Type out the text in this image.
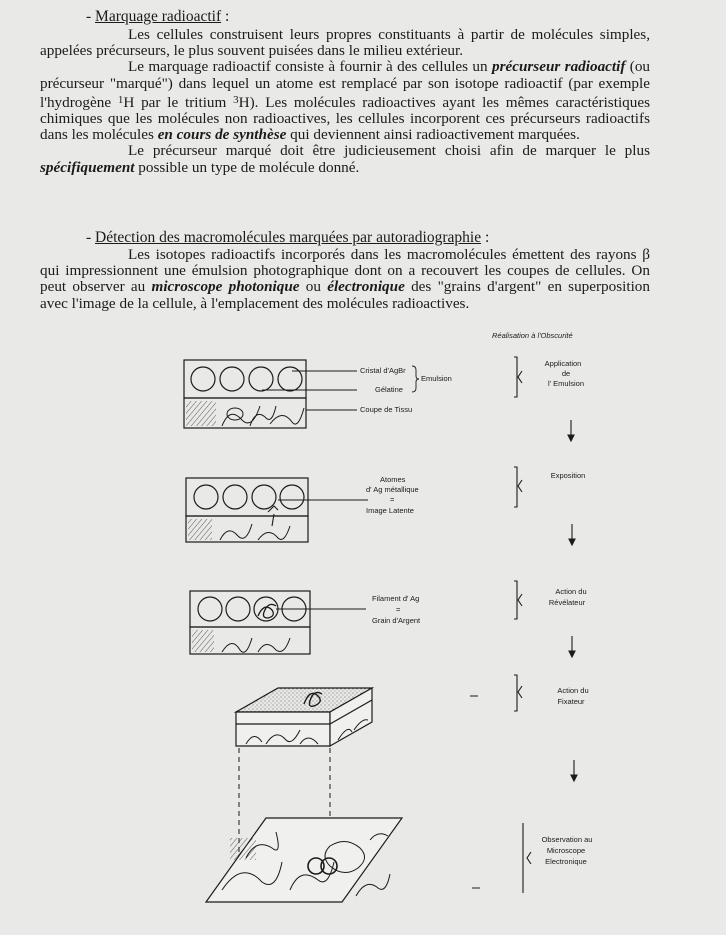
- Marquage radioactif :

Les cellules construisent leurs propres constituants à partir de molécules simples, appelées précurseurs, le plus souvent puisées dans le milieu extérieur.

Le marquage radioactif consiste à fournir à des cellules un précurseur radioactif (ou précurseur "marqué") dans lequel un atome est remplacé par son isotope radioactif (par exemple l'hydrogène $^1$H par le tritium $^3$H). Les molécules radioactives ayant les mêmes caractéristiques chimiques que les molécules non radioactives, les cellules incorporent ces précurseurs radioactifs dans les molécules en cours de synthèse qui deviennent ainsi radioactivement marquées.

Le précurseur marqué doit être judicieusement choisi afin de marquer le plus spécifiquement possible un type de molécule donné.

- Détection des macromolécules marquées par autoradiographie :

Les isotopes radioactifs incorporés dans les macromolécules émettent des rayons β qui impressionnent une émulsion photographique dont on a recouvert les coupes de cellules. On peut observer au microscope photonique ou électronique des "grains d'argent" en superposition avec l'image de la cellule, à l'emplacement des molécules radioactives.

Réalisation à l'Obscurité
Cristal d'AgBr
Emulsion
Gélatine
Coupe de Tissu
Atomes
d' Ag métallique
=
Image Latente
Filament d' Ag
=
Grain d'Argent
Application
de
l' Emulsion
Exposition
Action du
Révélateur
Action du
Fixateur
Observation au
Microscope
Electronique
